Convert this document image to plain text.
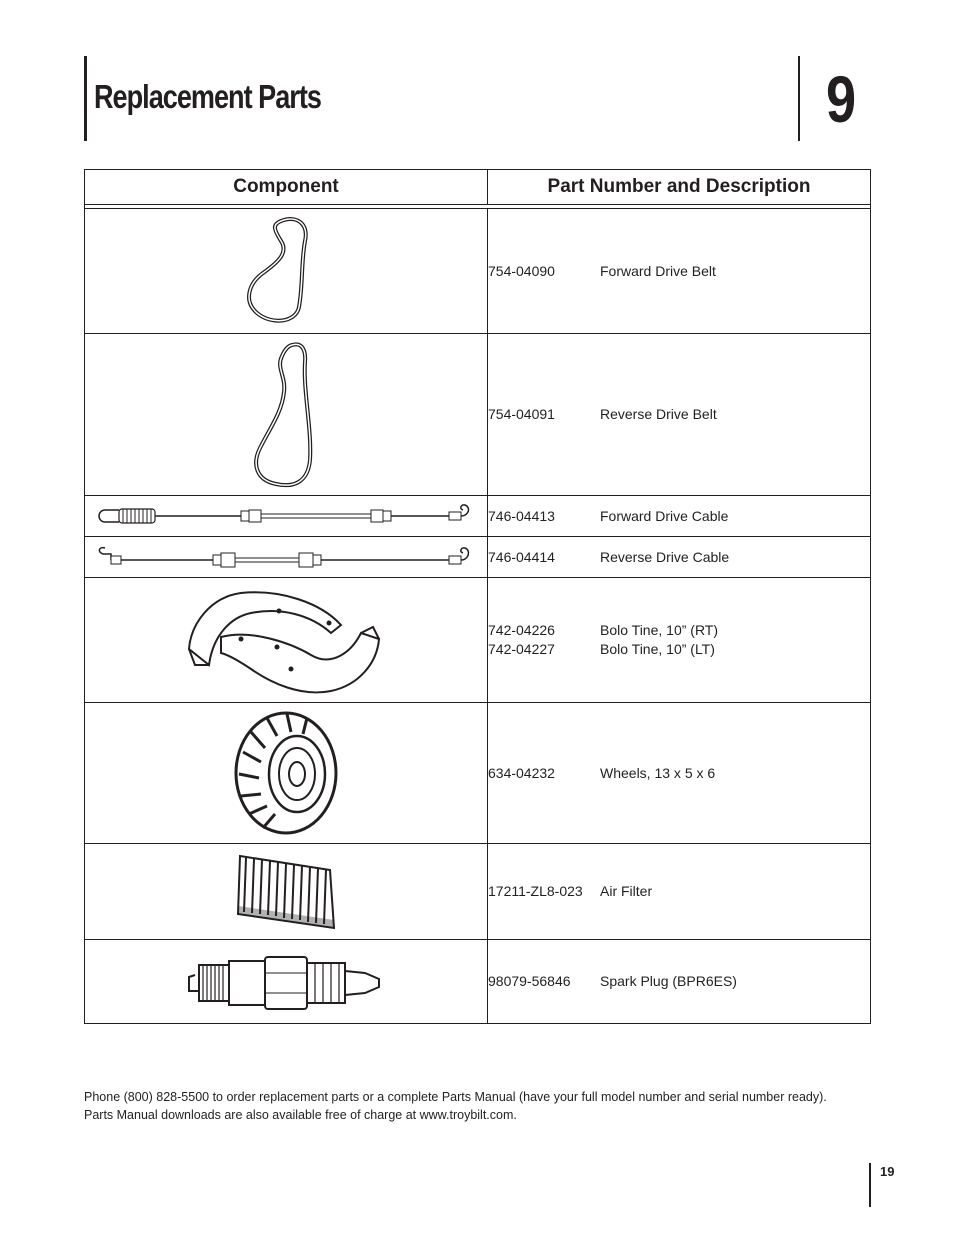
Replacement Parts	9
Component	Part Number and Description

754-04090 Forward Drive Belt

754-04091 Reverse Drive Belt

746-04413 Forward Drive Cable

746-04414 Reverse Drive Cable

742-04226 Bolo Tine, 10” (RT)
742-04227 Bolo Tine, 10” (LT)

634-04232 Wheels, 13 x 5 x 6

17211-ZL8-023 Air Filter

98079-56846 Spark Plug (BPR6ES)

Phone (800) 828-5500 to order replacement parts or a complete Parts Manual (have your full model number and serial number ready).

Parts Manual downloads are also available free of charge at www.troybilt.com.

19
